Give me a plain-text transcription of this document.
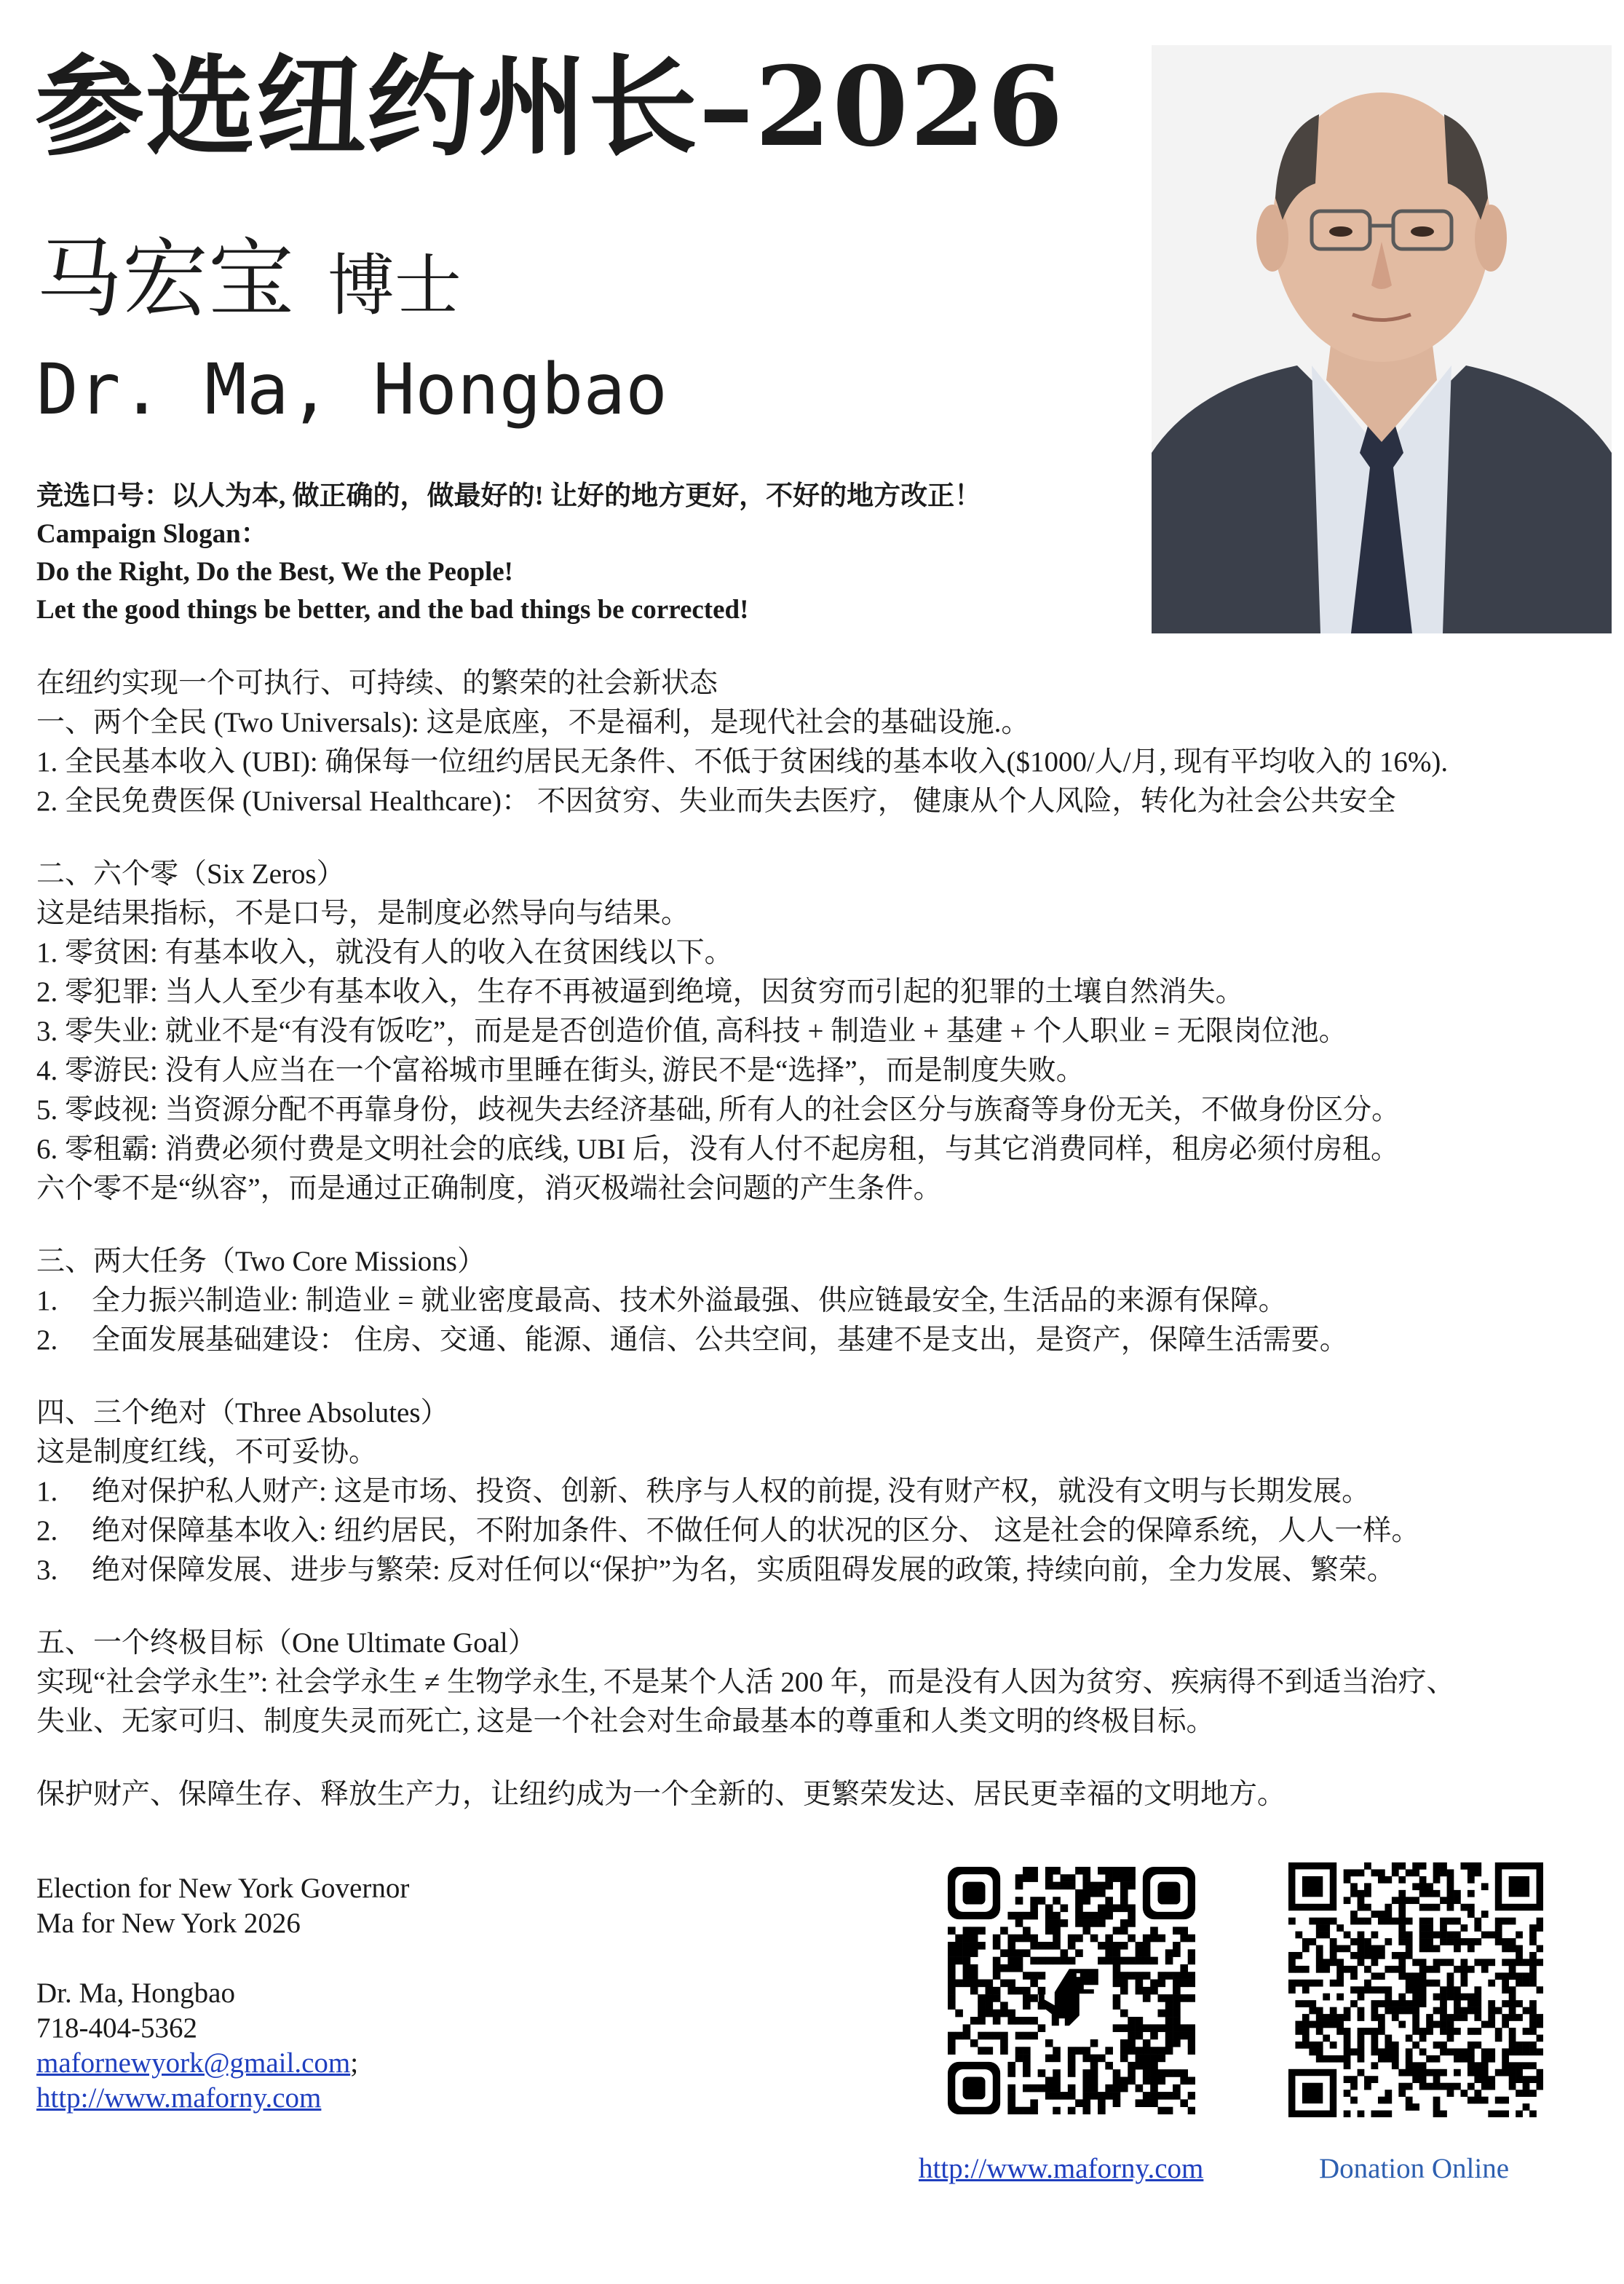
参选纽约州长–2026
马宏宝 博士
Dr. Ma, Hongbao
竞选口号：以人为本, 做正确的，做最好的! 让好的地方更好，不好的地方改正！
Campaign Slogan：
Do the Right, Do the Best, We the People!
Let the good things be better, and the bad things be corrected!

在纽约实现一个可执行、可持续、的繁荣的社会新状态

一、两个全民 (Two Universals): 这是底座，不是福利，是现代社会的基础设施.。

1. 全民基本收入 (UBI): 确保每一位纽约居民无条件、不低于贫困线的基本收入($1000/人/月, 现有平均收入的 16%).

2. 全民免费医保 (Universal Healthcare)： 不因贫穷、失业而失去医疗， 健康从个人风险，转化为社会公共安全

二、六个零（Six Zeros）

这是结果指标，不是口号，是制度必然导向与结果。

1. 零贫困: 有基本收入，就没有人的收入在贫困线以下。

2. 零犯罪: 当人人至少有基本收入，生存不再被逼到绝境，因贫穷而引起的犯罪的土壤自然消失。

3. 零失业: 就业不是“有没有饭吃”，而是是否创造价值, 高科技 + 制造业 + 基建 + 个人职业 = 无限岗位池。

4. 零游民: 没有人应当在一个富裕城市里睡在街头, 游民不是“选择”，而是制度失败。

5. 零歧视: 当资源分配不再靠身份，歧视失去经济基础, 所有人的社会区分与族裔等身份无关，不做身份区分。

6. 零租霸: 消费必须付费是文明社会的底线, UBI 后，没有人付不起房租，与其它消费同样，租房必须付房租。

六个零不是“纵容”，而是通过正确制度，消灭极端社会问题的产生条件。

三、两大任务（Two Core Missions）

1. 全力振兴制造业: 制造业 = 就业密度最高、技术外溢最强、供应链最安全, 生活品的来源有保障。

2. 全面发展基础建设： 住房、交通、能源、通信、公共空间，基建不是支出，是资产，保障生活需要。

四、三个绝对（Three Absolutes）

这是制度红线，不可妥协。

1. 绝对保护私人财产: 这是市场、投资、创新、秩序与人权的前提, 没有财产权，就没有文明与长期发展。

2. 绝对保障基本收入: 纽约居民，不附加条件、不做任何人的状况的区分、 这是社会的保障系统，人人一样。

3. 绝对保障发展、进步与繁荣: 反对任何以“保护”为名，实质阻碍发展的政策, 持续向前，全力发展、繁荣。

五、一个终极目标（One Ultimate Goal）

实现“社会学永生”: 社会学永生 ≠ 生物学永生, 不是某个人活 200 年，而是没有人因为贫穷、疾病得不到适当治疗、

失业、无家可归、制度失灵而死亡, 这是一个社会对生命最基本的尊重和人类文明的终极目标。

保护财产、保障生存、释放生产力，让纽约成为一个全新的、更繁荣发达、居民更幸福的文明地方。

Election for New York Governor

Ma for New York 2026

Dr. Ma, Hongbao

718-404-5362

mafornewyork@gmail.com;

http://www.maforny.com

http://www.maforny.com	Donation Online
